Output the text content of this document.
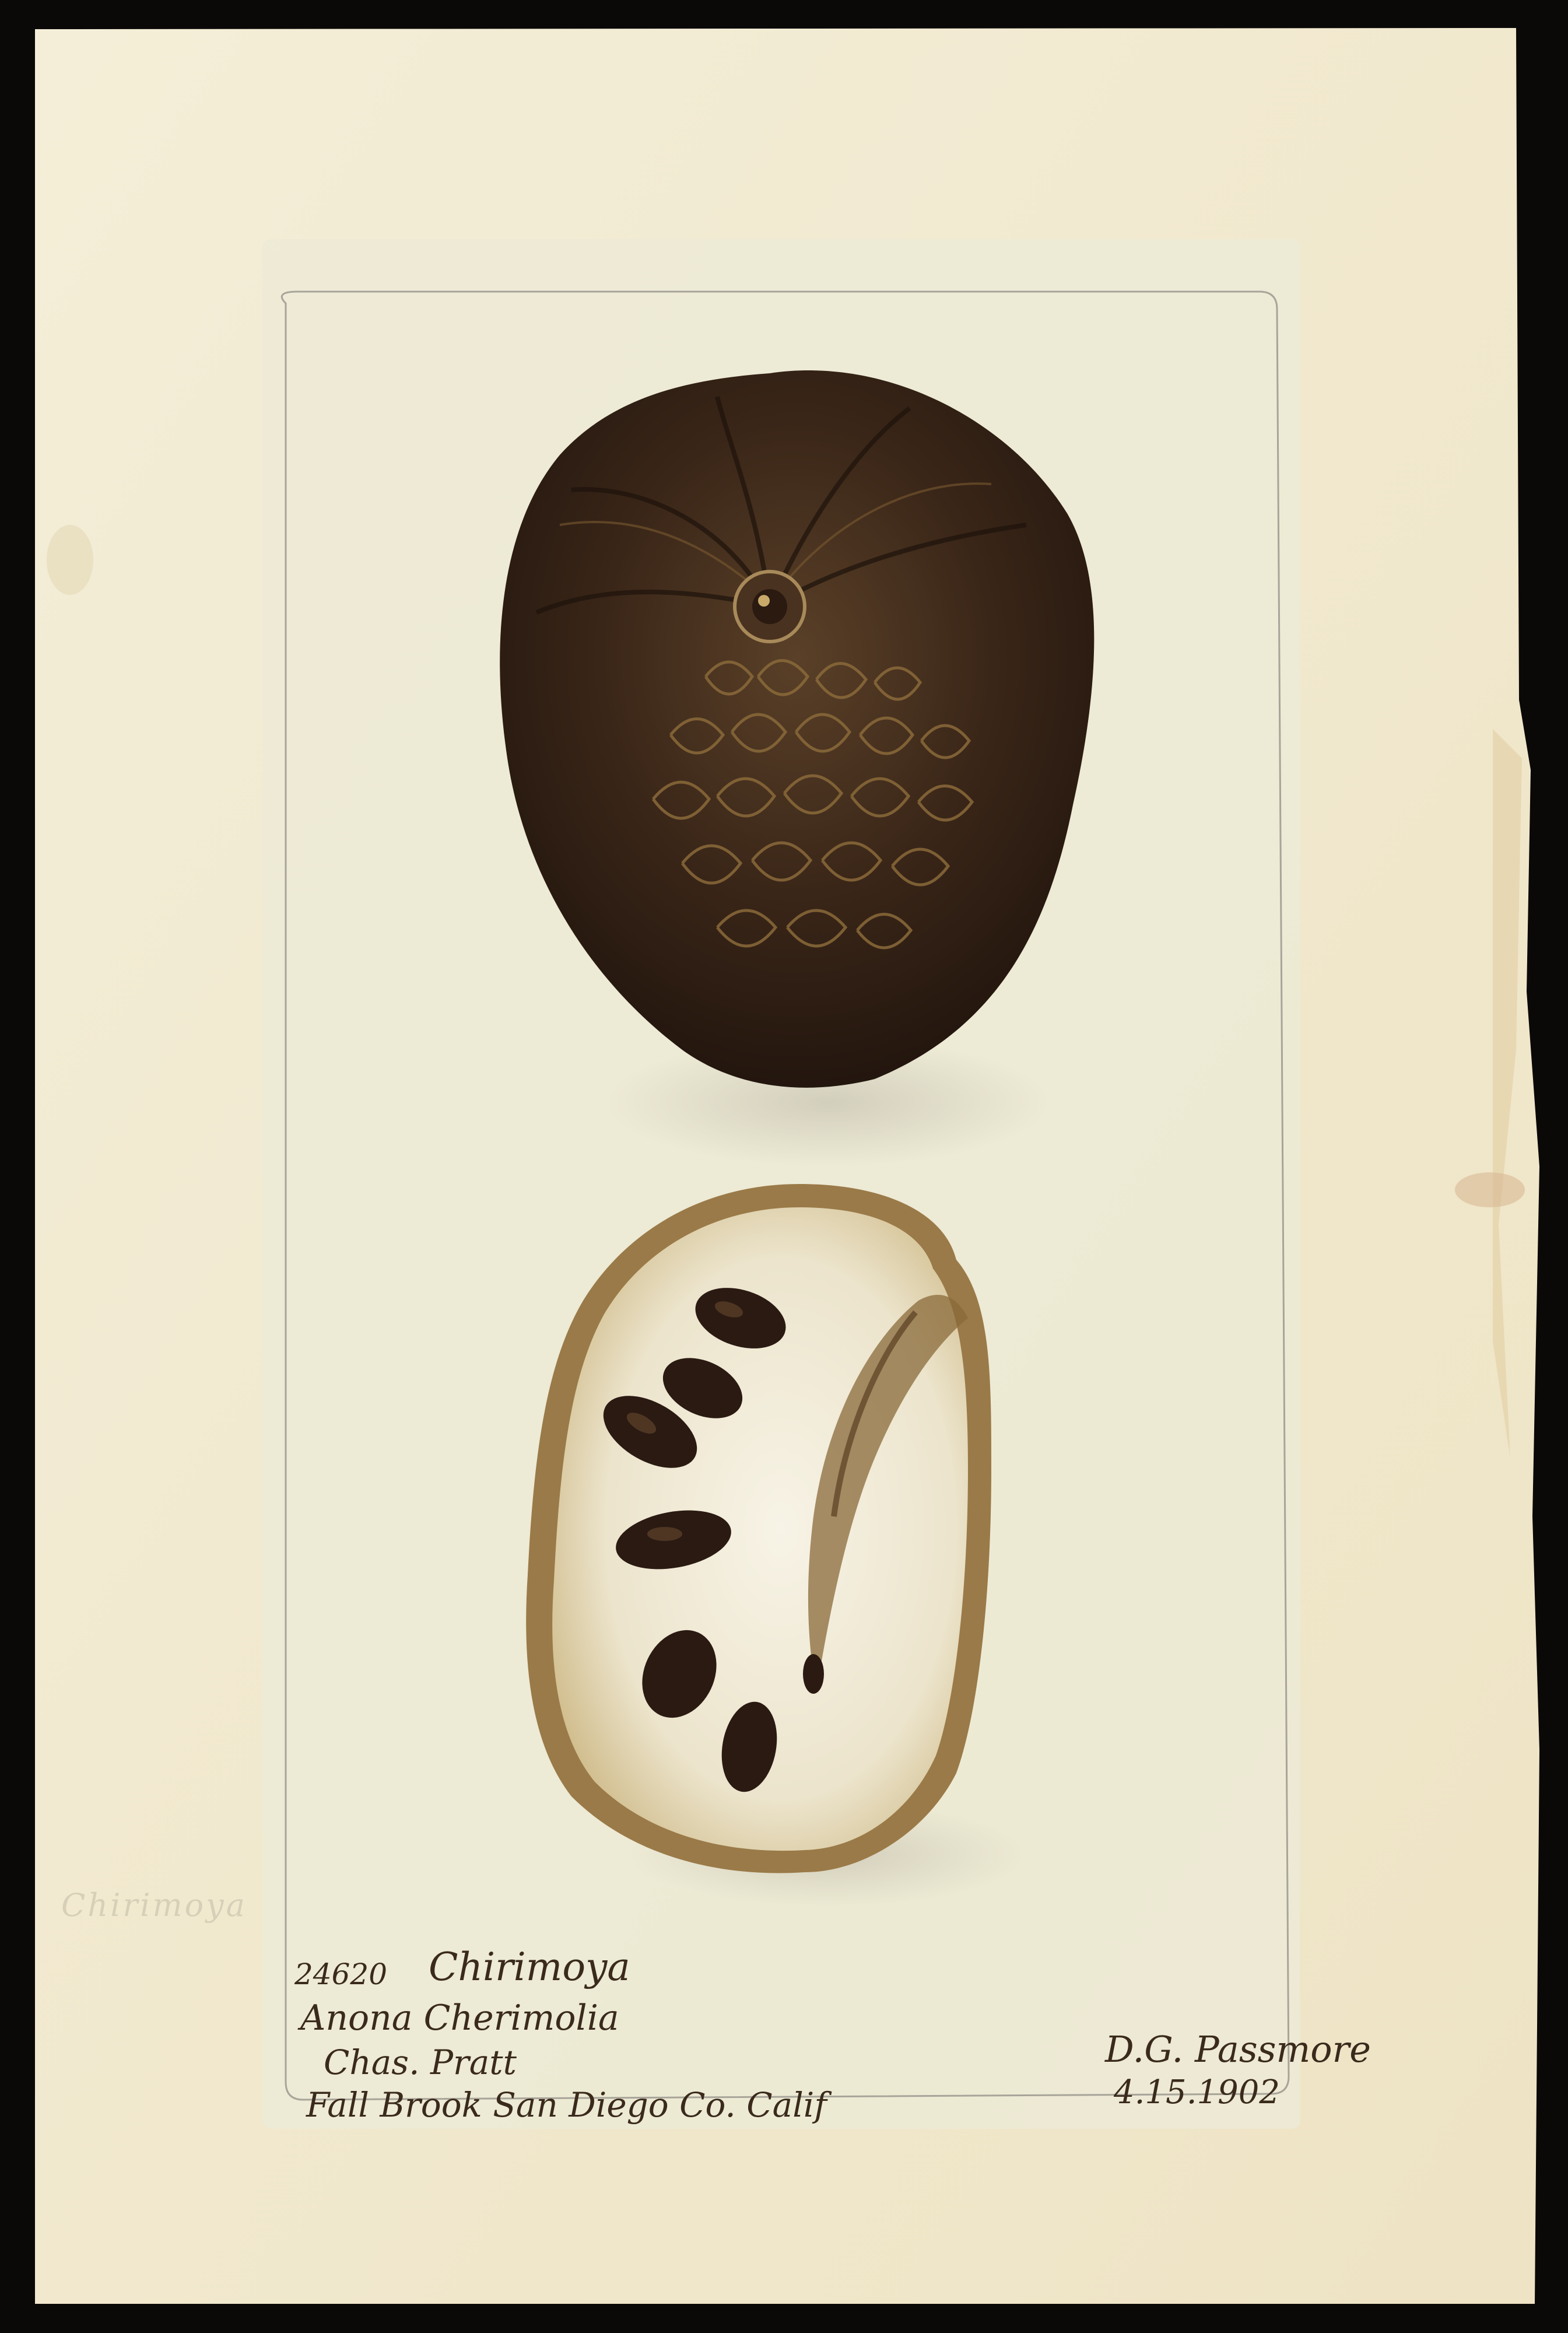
Chirimoya
24620 Chirimoya
Anona Cherimolia
Chas. Pratt
Fall Brook San Diego Co. Calif
D.G. Passmore
4.15.1902
